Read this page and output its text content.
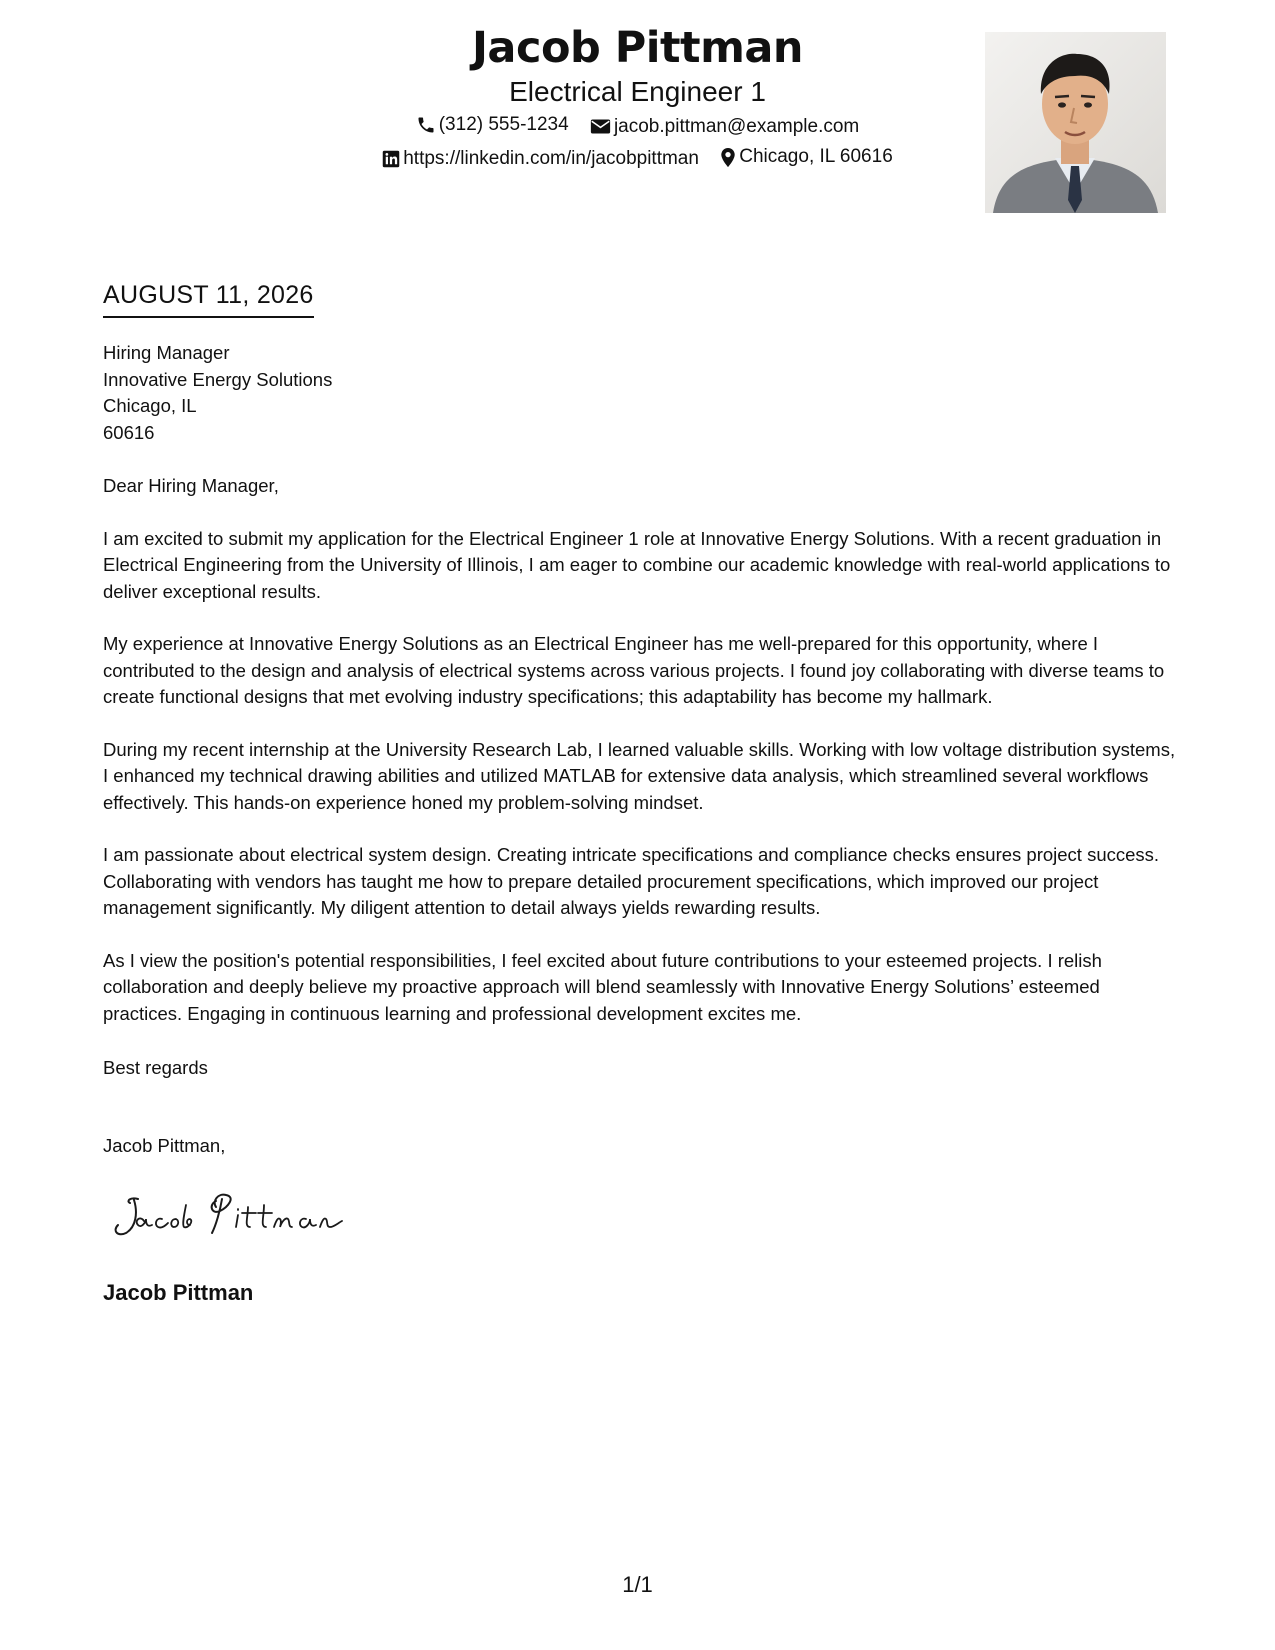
Jacob Pittman
Electrical Engineer 1
(312) 555-1234
jacob.pittman@example.com
https://linkedin.com/in/jacobpittman
Chicago, IL 60616
AUGUST 11, 2026
Hiring Manager
Innovative Energy Solutions
Chicago, IL
60616

Dear Hiring Manager,

I am excited to submit my application for the Electrical Engineer 1 role at Innovative Energy Solutions. With a recent graduation in Electrical Engineering from the University of Illinois, I am eager to combine our academic knowledge with real-world applications to deliver exceptional results.

My experience at Innovative Energy Solutions as an Electrical Engineer has me well-prepared for this opportunity, where I contributed to the design and analysis of electrical systems across various projects. I found joy collaborating with diverse teams to create functional designs that met evolving industry specifications; this adaptability has become my hallmark.

During my recent internship at the University Research Lab, I learned valuable skills. Working with low voltage distribution systems, I enhanced my technical drawing abilities and utilized MATLAB for extensive data analysis, which streamlined several workflows effectively. This hands-on experience honed my problem-solving mindset.

I am passionate about electrical system design. Creating intricate specifications and compliance checks ensures project success. Collaborating with vendors has taught me how to prepare detailed procurement specifications, which improved our project management significantly. My diligent attention to detail always yields rewarding results.

As I view the position's potential responsibilities, I feel excited about future contributions to your esteemed projects. I relish collaboration and deeply believe my proactive approach will blend seamlessly with Innovative Energy Solutions’ esteemed practices. Engaging in continuous learning and professional development excites me.

Best regards
Jacob Pittman,
Jacob Pittman
1/1
